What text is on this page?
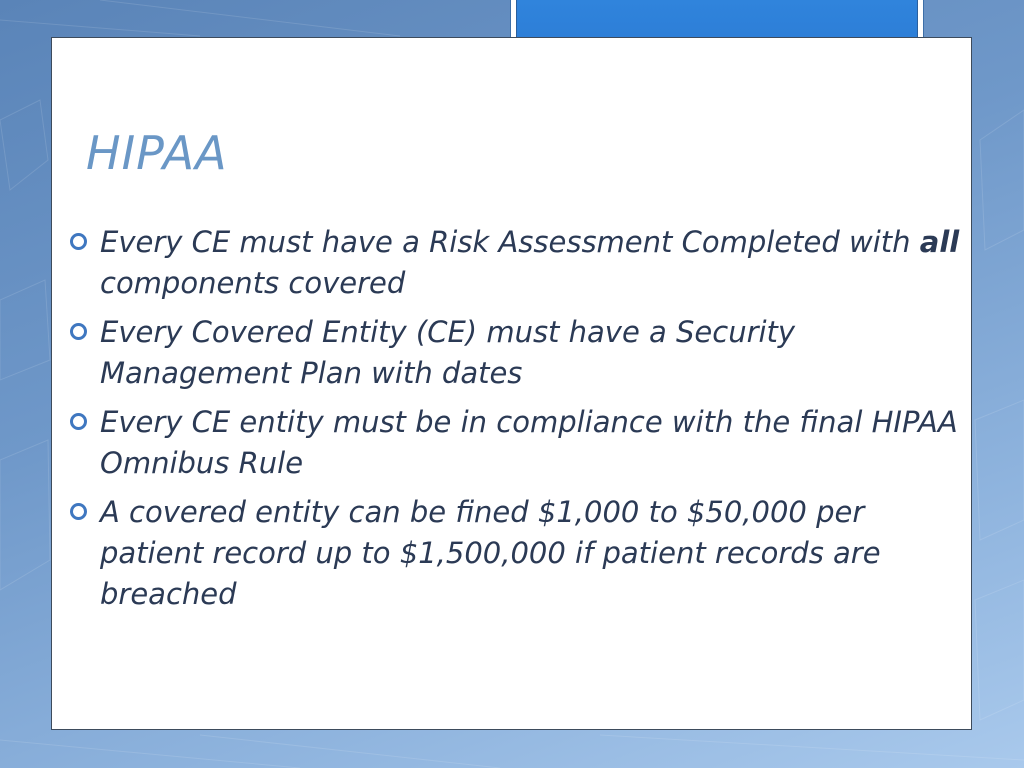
HIPAA
Every CE must have a Risk Assessment Completed with all components covered
Every Covered Entity (CE) must have a Security Management Plan with dates
Every CE entity must be in compliance with the final HIPAA Omnibus Rule
A covered entity can be fined $1,000 to $50,000 per patient record up to $1,500,000 if patient records are breached
